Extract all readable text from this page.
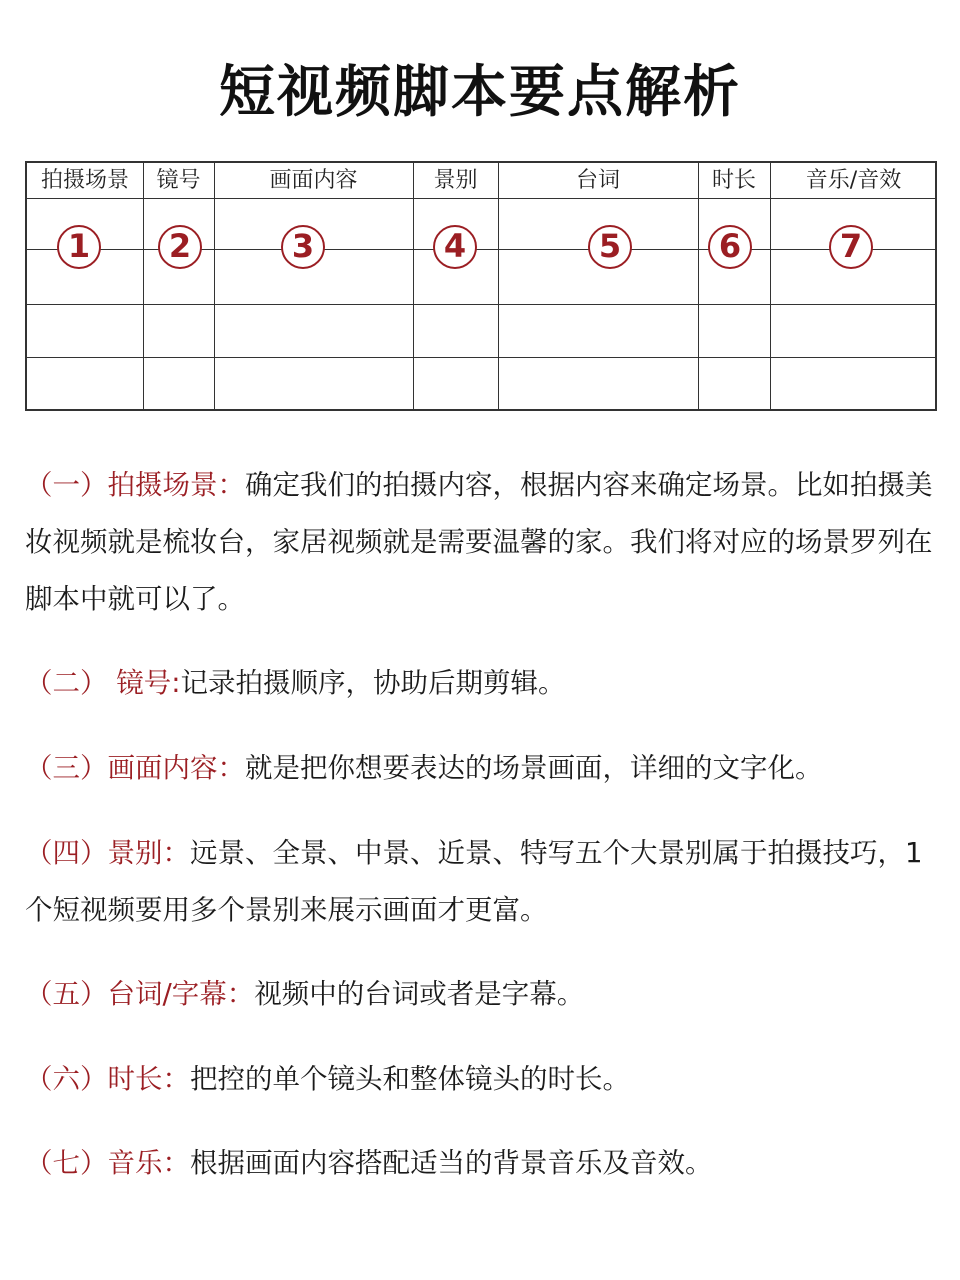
短视频脚本要点解析
拍摄场景	镜号	画面内容	景别	台词	时长	音乐/音效
1	2	3	4	5	6	7

（一）拍摄场景：确定我们的拍摄内容，根据内容来确定场景。比如拍摄美妆视频就是梳妆台，家居视频就是需要温馨的家。我们将对应的场景罗列在脚本中就可以了。

（二） 镜号:记录拍摄顺序，协助后期剪辑。

（三）画面内容：就是把你想要表达的场景画面，详细的文字化。

（四）景别：远景、全景、中景、近景、特写五个大景别属于拍摄技巧，1个短视频要用多个景别来展示画面才更富。

（五）台词/字幕：视频中的台词或者是字幕。

（六）时长：把控的单个镜头和整体镜头的时长。

（七）音乐：根据画面内容搭配适当的背景音乐及音效。
